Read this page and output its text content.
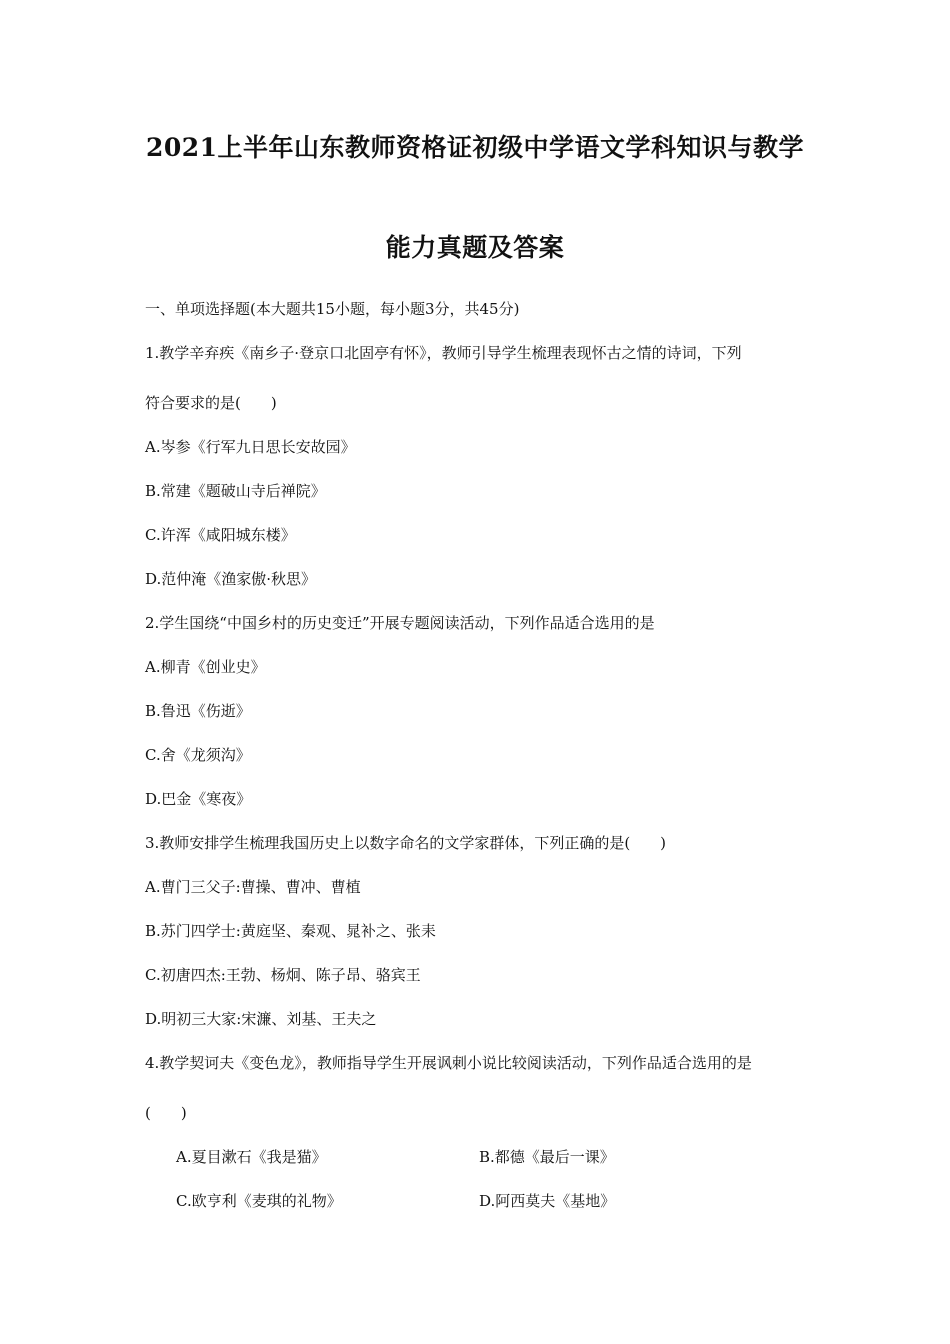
2021上半年山东教师资格证初级中学语文学科知识与教学
能力真题及答案
一、单项选择题(本大题共15小题，每小题3分，共45分)
1.教学辛弃疾《南乡子·登京口北固亭有怀》，教师引导学生梳理表现怀古之情的诗词，下列
符合要求的是(　　)
A.岑参《行军九日思长安故园》
B.常建《题破山寺后禅院》
C.许浑《咸阳城东楼》
D.范仲淹《渔家傲·秋思》
2.学生国绕“中国乡村的历史变迁”开展专题阅读活动，下列作品适合选用的是
A.柳青《创业史》
B.鲁迅《伤逝》
C.舍《龙须沟》
D.巴金《寒夜》
3.教师安排学生梳理我国历史上以数字命名的文学家群体，下列正确的是(　　)
A.曹门三父子:曹操、曹冲、曹植
B.苏门四学士:黄庭坚、秦观、晁补之、张耒
C.初唐四杰:王勃、杨炯、陈子昂、骆宾王
D.明初三大家:宋濂、刘基、王夫之
4.教学契诃夫《变色龙》，教师指导学生开展讽刺小说比较阅读活动，下列作品适合选用的是
(　　)
A.夏目漱石《我是猫》	B.都德《最后一课》
C.欧亨利《麦琪的礼物》	D.阿西莫夫《基地》
